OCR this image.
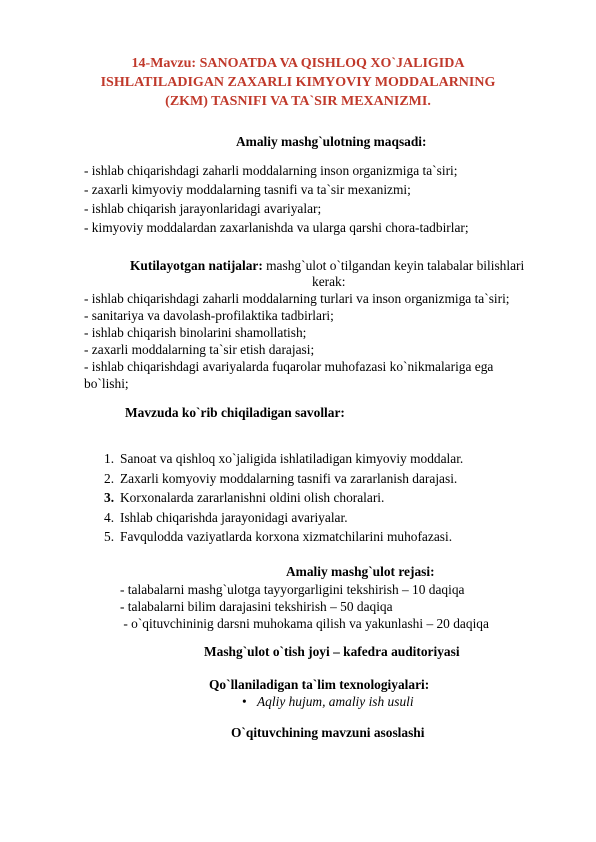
14-Mavzu: SANOATDA VA QISHLOQ XO`JALIGIDA
ISHLATILADIGAN ZAXARLI KIMYOVIY MODDALARNING
(ZKM) TASNIFI VA TA`SIR MEXANIZMI.
Amaliy mashg`ulotning maqsadi:
- ishlab chiqarishdagi zaharli moddalarning inson organizmiga ta`siri;
- zaxarli kimyoviy moddalarning tasnifi va ta`sir mexanizmi;
- ishlab chiqarish jarayonlaridagi avariyalar;
- kimyoviy moddalardan zaxarlanishda va ularga qarshi chora-tadbirlar;
Kutilayotgan natijalar: mashg`ulot o`tilgandan keyin talabalar bilishlari
kerak:
- ishlab chiqarishdagi zaharli moddalarning turlari va inson organizmiga ta`siri;
- sanitariya va davolash-profilaktika tadbirlari;
- ishlab chiqarish binolarini shamollatish;
- zaxarli moddalarning ta`sir etish darajasi;
- ishlab chiqarishdagi avariyalarda fuqarolar muhofazasi ko`nikmalariga ega
bo`lishi;
Mavzuda ko`rib chiqiladigan savollar:
1. Sanoat va qishloq xo`jaligida ishlatiladigan kimyoviy moddalar.
2. Zaxarli komyoviy moddalarning tasnifi va zararlanish darajasi.
3. Korxonalarda zararlanishni oldini olish choralari.
4. Ishlab chiqarishda jarayonidagi avariyalar.
5. Favqulodda vaziyatlarda korxona xizmatchilarini muhofazasi.
Amaliy mashg`ulot rejasi:
- talabalarni mashg`ulotga tayyorgarligini tekshirish – 10 daqiqa
- talabalarni bilim darajasini tekshirish – 50 daqiqa
- o`qituvchininig darsni muhokama qilish va yakunlashi – 20 daqiqa
Mashg`ulot o`tish joyi – kafedra auditoriyasi
Qo`llaniladigan ta`lim texnologiyalari:
• Aqliy hujum, amaliy ish usuli
O`qituvchining mavzuni asoslashi
